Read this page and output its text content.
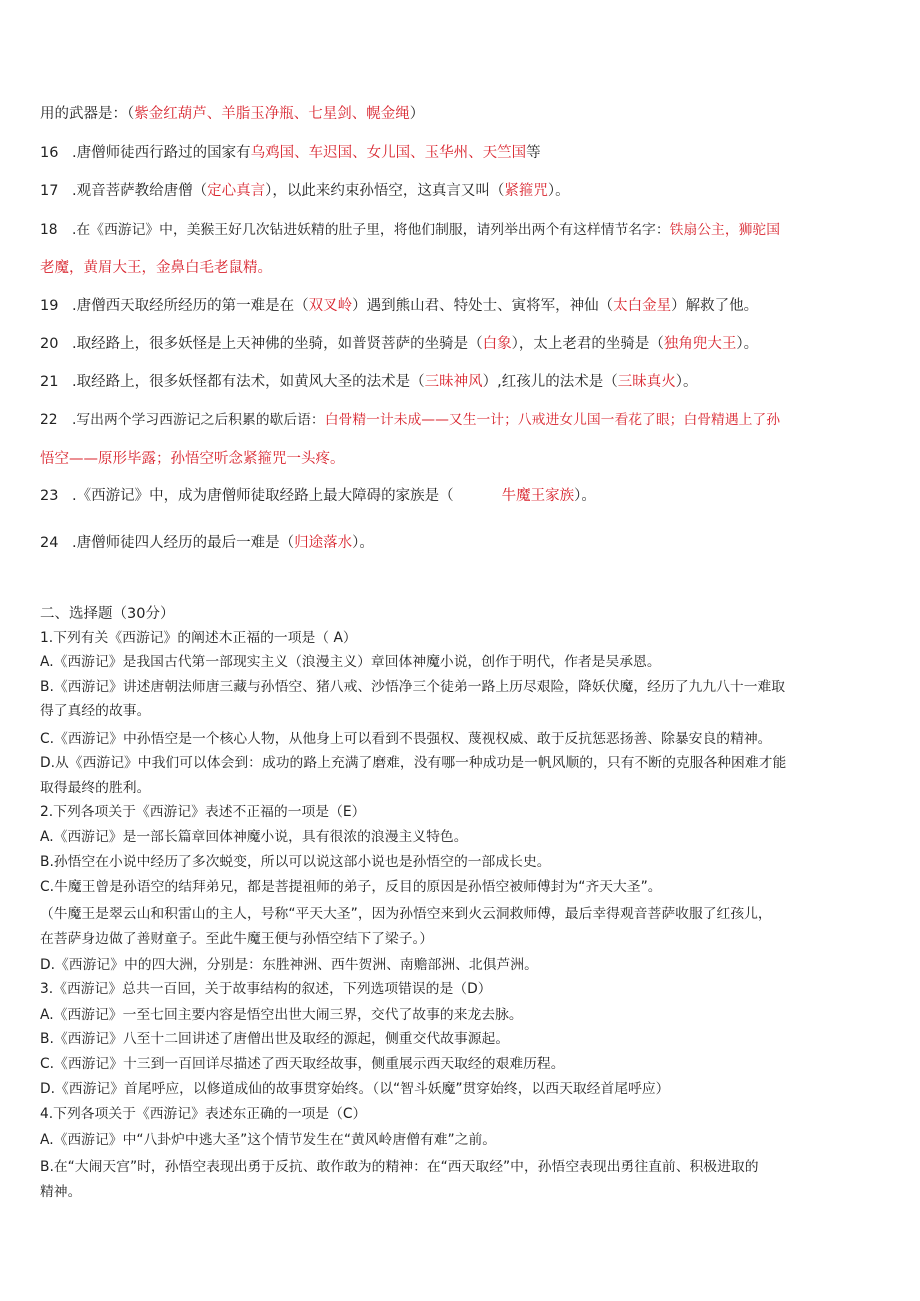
用的武器是：（紫金红葫芦、羊脂玉净瓶、七星剑、幌金绳）
16 .唐僧师徒西行路过的国家有乌鸡国、车迟国、女儿国、玉华州、天竺国等
17 .观音菩萨教给唐僧（定心真言），以此来约束孙悟空，这真言又叫（紧箍咒）。
18 .在《西游记》中，美猴王好几次钻进妖精的肚子里，将他们制服，请列举出两个有这样情节名字：铁扇公主，狮驼国
老魔，黄眉大王，金鼻白毛老鼠精。
19 .唐僧西天取经所经历的第一难是在（双叉岭）遇到熊山君、特处士、寅将军，神仙（太白金星）解救了他。
20 .取经路上，很多妖怪是上天神佛的坐骑，如普贤菩萨的坐骑是（白象），太上老君的坐骑是（独角兜大王）。
21 .取经路上，很多妖怪都有法术，如黄风大圣的法术是（三昧神风）,红孩儿的法术是（三昧真火）。
22 .写出两个学习西游记之后积累的歇后语：白骨精一计未成——又生一计；八戒进女儿国一看花了眼；白骨精遇上了孙
悟空——原形毕露；孙悟空听念紧箍咒一头疼。
23 .《西游记》中，成为唐僧师徒取经路上最大障碍的家族是（	牛魔王家族）。
24 .唐僧师徒四人经历的最后一难是（归途落水）。
二、选择题（30分）
1.下列有关《西游记》的阐述木正福的一项是（ A）
A.《西游记》是我国古代第一部现实主义（浪漫主义）章回体神魔小说，创作于明代，作者是吴承恩。
B.《西游记》讲述唐朝法师唐三藏与孙悟空、猪八戒、沙悟净三个徒弟一路上历尽艰险，降妖伏魔，经历了九九八十一难取
得了真经的故事。
C.《西游记》中孙悟空是一个核心人物，从他身上可以看到不畏强权、蔑视权威、敢于反抗惩恶扬善、除暴安良的精神。
D.从《西游记》中我们可以体会到：成功的路上充满了磨难，没有哪一种成功是一帆风顺的，只有不断的克服各种困难才能
取得最终的胜利。
2.下列各项关于《西游记》表述不正福的一项是（E）
A.《西游记》是一部长篇章回体神魔小说，具有很浓的浪漫主义特色。
B.孙悟空在小说中经历了多次蜕变，所以可以说这部小说也是孙悟空的一部成长史。
C.牛魔王曾是孙语空的结拜弟兄，都是菩提祖师的弟子，反目的原因是孙悟空被师傅封为“齐天大圣”。
（牛魔王是翠云山和积雷山的主人，号称“平天大圣”，因为孙悟空来到火云洞救师傅，最后幸得观音菩萨收服了红孩儿，
在菩萨身边做了善财童子。至此牛魔王便与孙悟空结下了梁子。）
D.《西游记》中的四大洲，分别是：东胜神洲、西牛贺洲、南赡部洲、北俱芦洲。
3.《西游记》总共一百回，关于故事结构的叙述，下列选项错误的是（D）
A.《西游记》一至七回主要内容是悟空出世大闹三界，交代了故事的来龙去脉。
B.《西游记》八至十二回讲述了唐僧出世及取经的源起，侧重交代故事源起。
C.《西游记》十三到一百回详尽描述了西天取经故事，侧重展示西天取经的艰难历程。
D.《西游记》首尾呼应，以修道成仙的故事贯穿始终。（以“智斗妖魔”贯穿始终，以西天取经首尾呼应）
4.下列各项关于《西游记》表述东正确的一项是（C）
A.《西游记》中“八卦炉中逃大圣”这个情节发生在“黄风岭唐僧有难”之前。
B.在“大闹天宫”时，孙悟空表现出勇于反抗、敢作敢为的精神：在“西天取经”中，孙悟空表现出勇往直前、积极进取的
精神。
